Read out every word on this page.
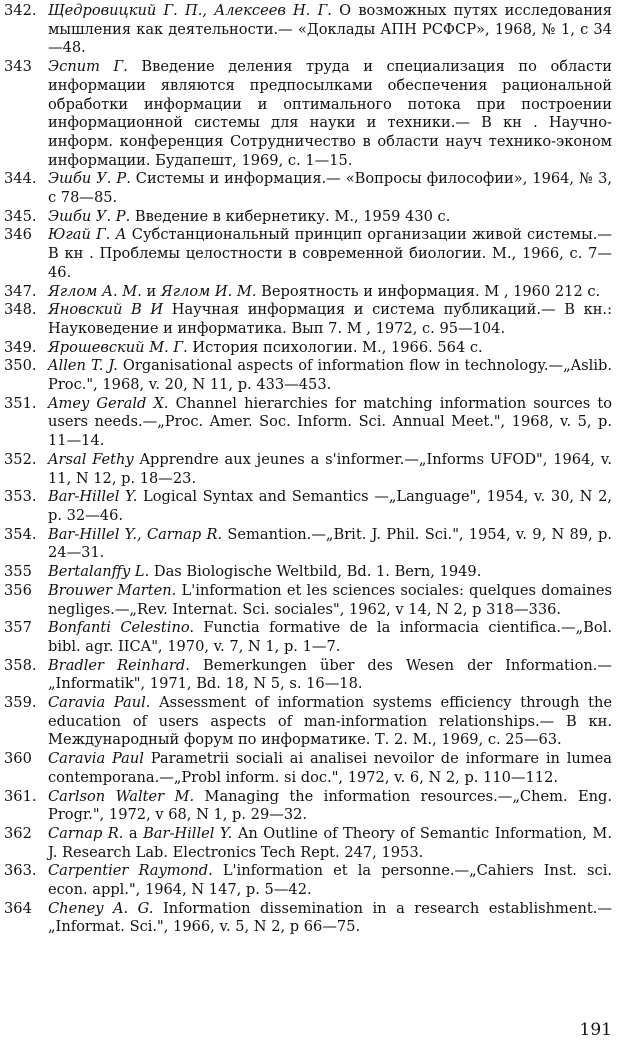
342. Щедровицкий Г. П., Алексеев Н. Г. О возможных путях исследования мышления как деятельности.— «Доклады АПН РСФСР», 1968, № 1, с 34—48.
343 Эспит Г. Введение деления труда и специализация по области информации являются предпосылками обеспечения рациональной обработки информации и оптимального потока при построении информационной системы для науки и техники.— В кн . Научно-информ. конференция Сотрудничество в области науч технико-эконом информации. Будапешт, 1969, с. 1—15.
344. Эшби У. Р. Системы и информация.— «Вопросы философии», 1964, № 3, с 78—85.
345. Эшби У. Р. Введение в кибернетику. М., 1959 430 с.
346 Югай Г. А Субстанциональный принцип организации живой системы.— В кн . Проблемы целостности в современной биологии. М., 1966, с. 7—46.
347. Яглом А. М. и Яглом И. М. Вероятность и информация. М , 1960 212 с.
348. Яновский В И Научная информация и система публикаций.— В кн.: Науковедение и информатика. Вып 7. М , 1972, с. 95—104.
349. Ярошевский М. Г. История психологии. М., 1966. 564 с.
350. Allen T. J. Organisational aspects of information flow in technology.—„Aslib. Proc.", 1968, v. 20, N 11, p. 433—453.
351. Amey Gerald X. Channel hierarchies for matching information sources to users needs.—„Proc. Amer. Soc. Inform. Sci. Annual Meet.", 1968, v. 5, p. 11—14.
352. Arsal Fethy Apprendre aux jeunes a s'informer.—„Informs UFOD", 1964, v. 11, N 12, p. 18—23.
353. Bar-Hillel Y. Logical Syntax and Semantics —„Language", 1954, v. 30, N 2, p. 32—46.
354. Bar-Hillel Y., Carnap R. Semantion.—„Brit. J. Phil. Sci.", 1954, v. 9, N 89, p. 24—31.
355 Bertalanffy L. Das Biologische Weltbild, Bd. 1. Bern, 1949.
356 Brouwer Marten. L'information et les sciences sociales: quelques domaines negliges.—„Rev. Internat. Sci. sociales", 1962, v 14, N 2, p 318—336.
357 Bonfanti Celestino. Functia formative de la informacia cientifica.—„Bol. bibl. agr. IICA", 1970, v. 7, N 1, p. 1—7.
358. Bradler Reinhard. Bemerkungen über des Wesen der Information.—„Informatik", 1971, Bd. 18, N 5, s. 16—18.
359. Caravia Paul. Assessment of information systems efficiency through the education of users aspects of man-information relationships.— В кн. Международный форум по информатике. Т. 2. М., 1969, с. 25—63.
360 Caravia Paul Parametrii sociali ai analisei nevoilor de informare in lumea contemporana.—„Probl inform. si doc.", 1972, v. 6, N 2, p. 110—112.
361. Carlson Walter M. Managing the information resources.—„Chem. Eng. Progr.", 1972, v 68, N 1, p. 29—32.
362 Carnap R. a Bar-Hillel Y. An Outline of Theory of Semantic Information, M. J. Research Lab. Electronics Tech Rept. 247, 1953.
363. Carpentier Raymond. L'information et la personne.—„Cahiers Inst. sci. econ. appl.", 1964, N 147, p. 5—42.
364 Cheney A. G. Information dissemination in a research establishment.—„Informat. Sci.", 1966, v. 5, N 2, p 66—75.
191
